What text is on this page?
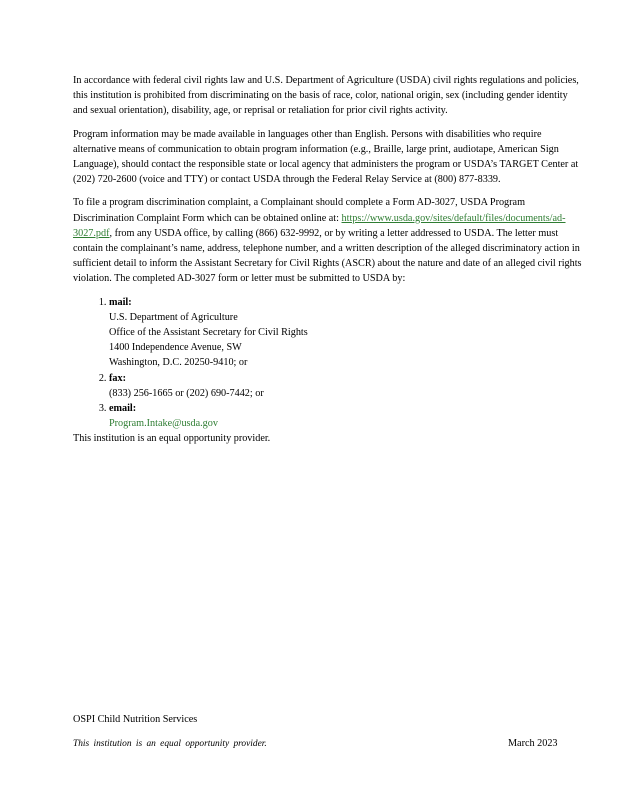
In accordance with federal civil rights law and U.S. Department of Agriculture (USDA) civil rights regulations and policies, this institution is prohibited from discriminating on the basis of race, color, national origin, sex (including gender identity and sexual orientation), disability, age, or reprisal or retaliation for prior civil rights activity.

Program information may be made available in languages other than English. Persons with disabilities who require alternative means of communication to obtain program information (e.g., Braille, large print, audiotape, American Sign Language), should contact the responsible state or local agency that administers the program or USDA’s TARGET Center at (202) 720-2600 (voice and TTY) or contact USDA through the Federal Relay Service at (800) 877-8339.

To file a program discrimination complaint, a Complainant should complete a Form AD-3027, USDA Program Discrimination Complaint Form which can be obtained online at: https://www.usda.gov/sites/default/files/documents/ad-3027.pdf, from any USDA office, by calling (866) 632-9992, or by writing a letter addressed to USDA. The letter must contain the complainant’s name, address, telephone number, and a written description of the alleged discriminatory action in sufficient detail to inform the Assistant Secretary for Civil Rights (ASCR) about the nature and date of an alleged civil rights violation. The completed AD-3027 form or letter must be submitted to USDA by:

1. mail:
U.S. Department of Agriculture
Office of the Assistant Secretary for Civil Rights
1400 Independence Avenue, SW
Washington, D.C. 20250-9410; or
2. fax:
(833) 256-1665 or (202) 690-7442; or
3. email:
Program.Intake@usda.gov

This institution is an equal opportunity provider.

OSPI Child Nutrition Services
This institution is an equal opportunity provider.	March 2023
